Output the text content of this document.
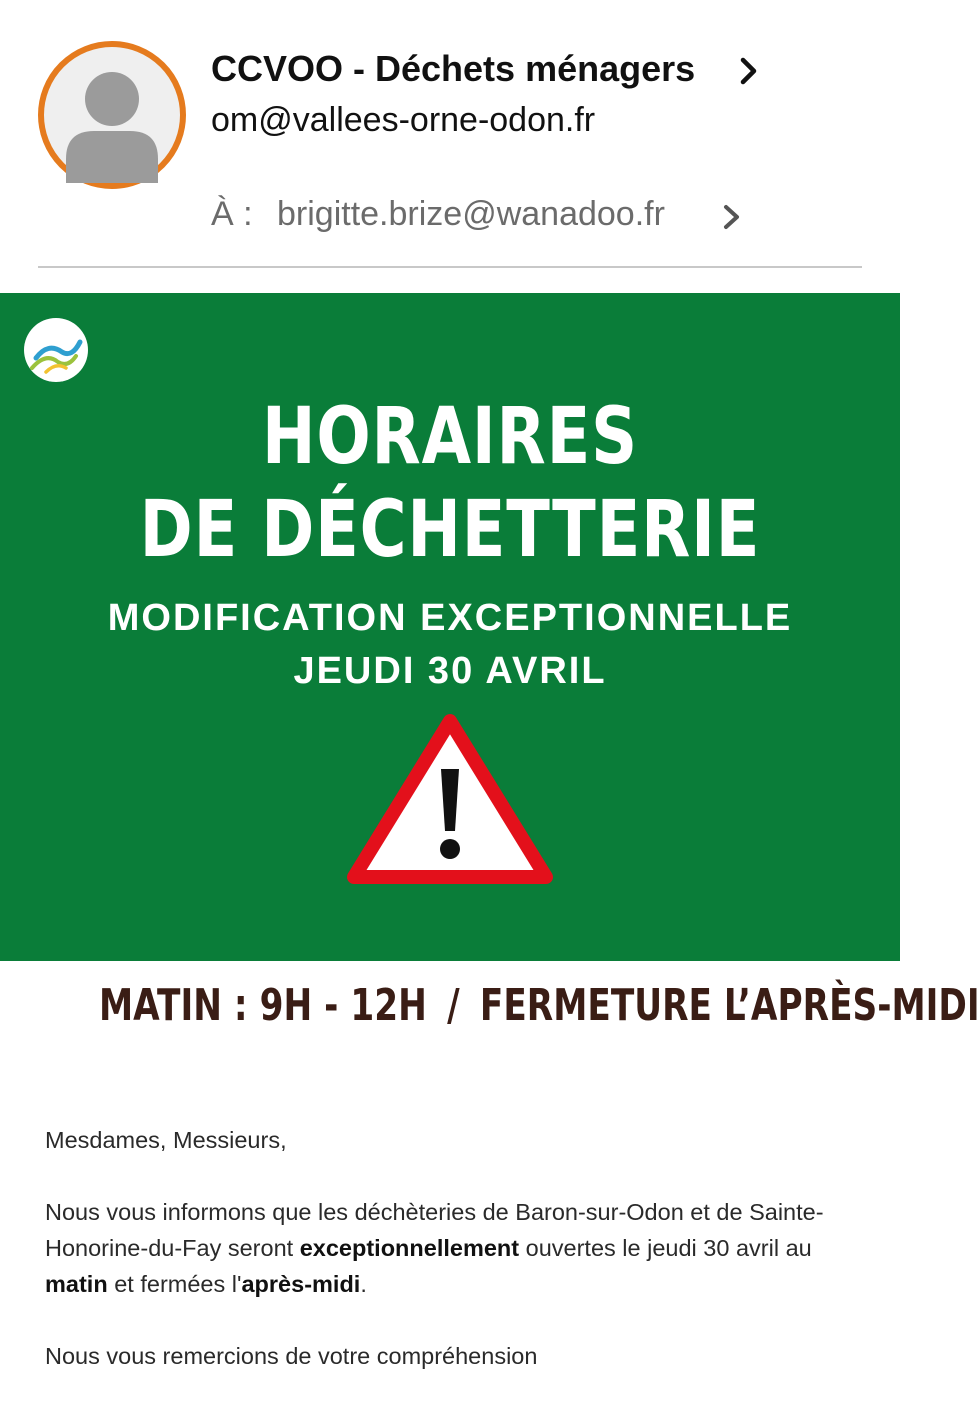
CCVOO - Déchets ménagers
om@vallees-orne-odon.fr
À : brigitte.brize@wanadoo.fr
HORAIRES
DE DÉCHETTERIE
MODIFICATION EXCEPTIONNELLE
JEUDI 30 AVRIL
MATIN : 9H - 12H / FERMETURE L’APRÈS-MIDI
Mesdames, Messieurs,
Nous vous informons que les déchèteries de Baron-sur-Odon et de Sainte-Honorine-du-Fay seront exceptionnellement ouvertes le jeudi 30 avril au matin et fermées l'après-midi.
Nous vous remercions de votre compréhension
